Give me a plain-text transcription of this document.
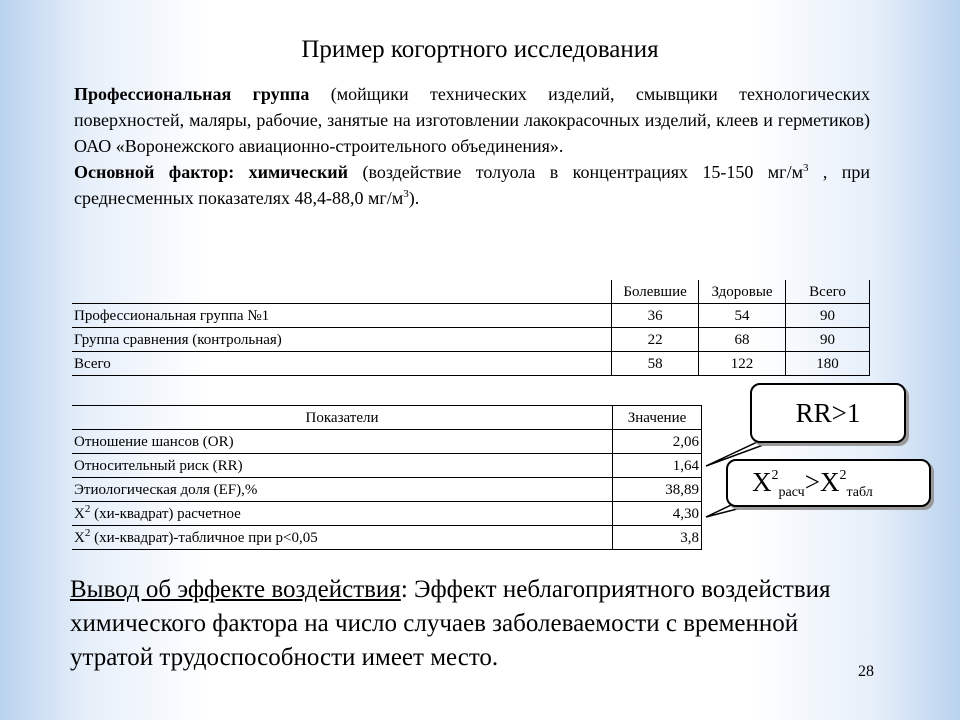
Пример когортного исследования
Профессиональная группа (мойщики технических изделий, смывщики технологических поверхностей, маляры, рабочие, занятые на изготовлении лакокрасочных изделий, клеев и герметиков) ОАО «Воронежского авиационно-строительного объединения».
Основной фактор: химический (воздействие толуола в концентрациях 15-150 $мг/м^3$ , при среднесменных показателях 48,4-88,0 $мг/м^3$).
	Болевшие	Здоровые	Всего
Профессиональная группа №1	36	54	90
Группа сравнения (контрольная)	22	68	90
Всего	58	122	180
Показатели	Значение
Отношение шансов (OR)	2,06
Относительный риск (RR)	1,64
Этиологическая доля (EF),%	38,89
$Х^2$ (хи-квадрат) расчетное	4,30
$Х^2$ (хи-квадрат)-табличное при р<0,05	3,8
RR>1
$Х^2_{расч}>Х^2_{табл}$
Вывод об эффекте воздействия: Эффект неблагоприятного воздействия химического фактора на число случаев заболеваемости с временной утратой трудоспособности имеет место.
28
